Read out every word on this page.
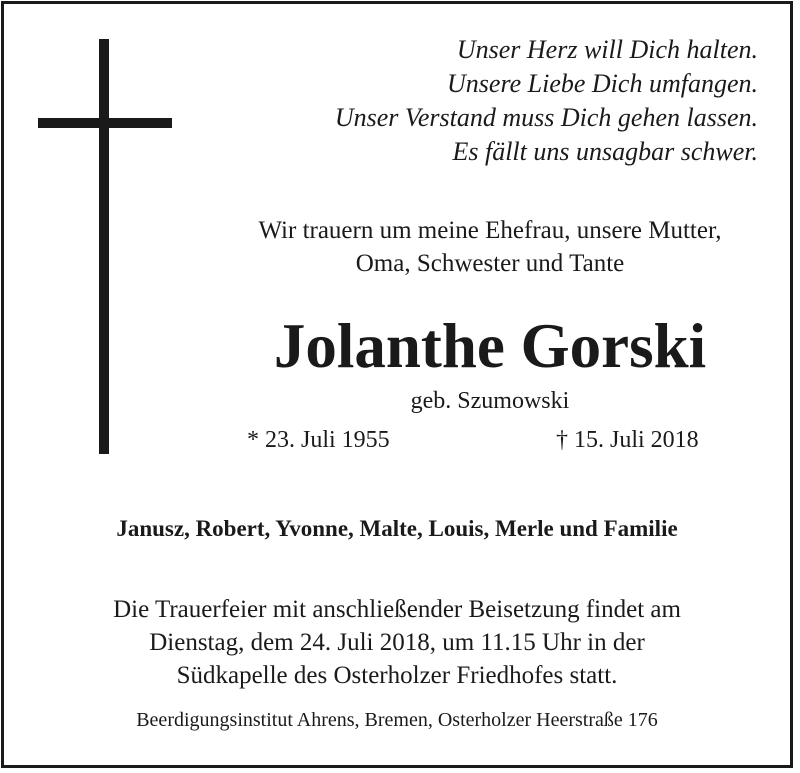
Unser Herz will Dich halten.
Unsere Liebe Dich umfangen.
Unser Verstand muss Dich gehen lassen.
Es fällt uns unsagbar schwer.
Wir trauern um meine Ehefrau, unsere Mutter,
Oma, Schwester und Tante
Jolanthe Gorski
geb. Szumowski
* 23. Juli 1955	† 15. Juli 2018
Janusz, Robert, Yvonne, Malte, Louis, Merle und Familie
Die Trauerfeier mit anschließender Beisetzung findet am
Dienstag, dem 24. Juli 2018, um 11.15 Uhr in der
Südkapelle des Osterholzer Friedhofes statt.
Beerdigungsinstitut Ahrens, Bremen, Osterholzer Heerstraße 176
